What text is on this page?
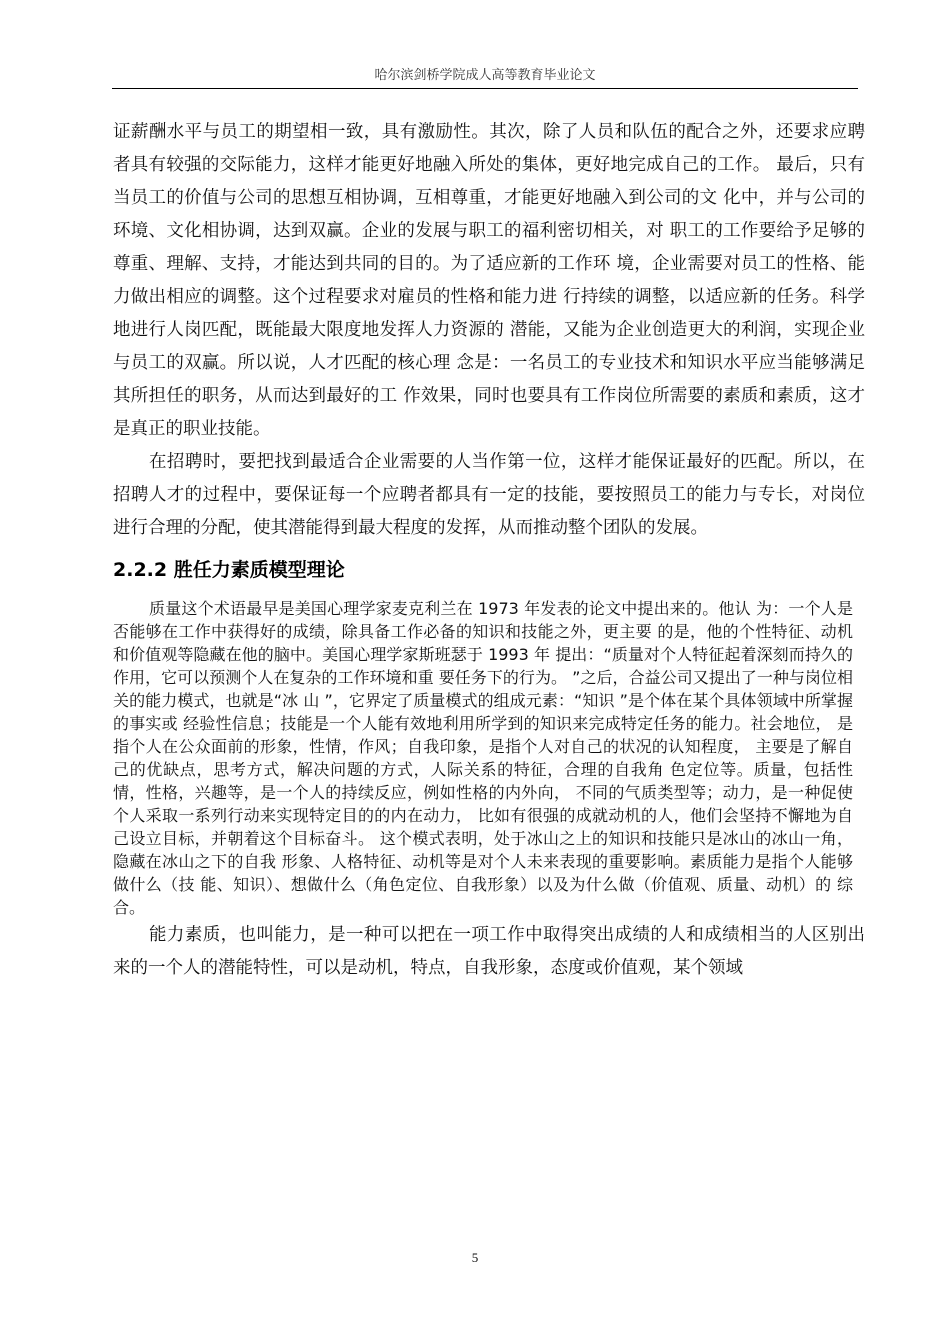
哈尔滨剑桥学院成人高等教育毕业论文

证薪酬水平与员工的期望相一致，具有激励性。其次，除了人员和队伍的配合之外，还要求应聘者具有较强的交际能力，这样才能更好地融入所处的集体，更好地完成自己的工作。 最后，只有当员工的价值与公司的思想互相协调，互相尊重，才能更好地融入到公司的文 化中，并与公司的环境、文化相协调，达到双赢。企业的发展与职工的福利密切相关，对 职工的工作要给予足够的尊重、理解、支持，才能达到共同的目的。为了适应新的工作环 境，企业需要对员工的性格、能力做出相应的调整。这个过程要求对雇员的性格和能力进 行持续的调整，以适应新的任务。科学地进行人岗匹配，既能最大限度地发挥人力资源的 潜能，又能为企业创造更大的利润，实现企业与员工的双赢。所以说，人才匹配的核心理 念是：一名员工的专业技术和知识水平应当能够满足其所担任的职务，从而达到最好的工 作效果，同时也要具有工作岗位所需要的素质和素质，这才是真正的职业技能。

在招聘时，要把找到最适合企业需要的人当作第一位，这样才能保证最好的匹配。所以，在招聘人才的过程中，要保证每一个应聘者都具有一定的技能，要按照员工的能力与专长，对岗位进行合理的分配，使其潜能得到最大程度的发挥，从而推动整个团队的发展。

2.2.2 胜任力素质模型理论

质量这个术语最早是美国心理学家麦克利兰在 1973 年发表的论文中提出来的。他认 为：一个人是否能够在工作中获得好的成绩，除具备工作必备的知识和技能之外，更主要 的是，他的个性特征、动机和价值观等隐藏在他的脑中。美国心理学家斯班瑟于 1993 年 提出：“质量对个人特征起着深刻而持久的作用，它可以预测个人在复杂的工作环境和重 要任务下的行为。 ”之后，合益公司又提出了一种与岗位相关的能力模式，也就是“冰 山 ”，它界定了质量模式的组成元素：“知识 ”是个体在某个具体领域中所掌握的事实或 经验性信息；技能是一个人能有效地利用所学到的知识来完成特定任务的能力。社会地位， 是指个人在公众面前的形象，性情，作风；自我印象，是指个人对自己的状况的认知程度， 主要是了解自己的优缺点，思考方式，解决问题的方式，人际关系的特征，合理的自我角 色定位等。质量，包括性情，性格，兴趣等，是一个人的持续反应，例如性格的内外向， 不同的气质类型等；动力，是一种促使个人采取一系列行动来实现特定目的的内在动力， 比如有很强的成就动机的人，他们会坚持不懈地为自己设立目标，并朝着这个目标奋斗。 这个模式表明，处于冰山之上的知识和技能只是冰山的冰山一角，隐藏在冰山之下的自我 形象、人格特征、动机等是对个人未来表现的重要影响。素质能力是指个人能够做什么（技 能、知识）、想做什么（角色定位、自我形象）以及为什么做（价值观、质量、动机）的 综合。

能力素质，也叫能力，是一种可以把在一项工作中取得突出成绩的人和成绩相当的人区别出来的一个人的潜能特性，可以是动机，特点，自我形象，态度或价值观，某个领域

5
